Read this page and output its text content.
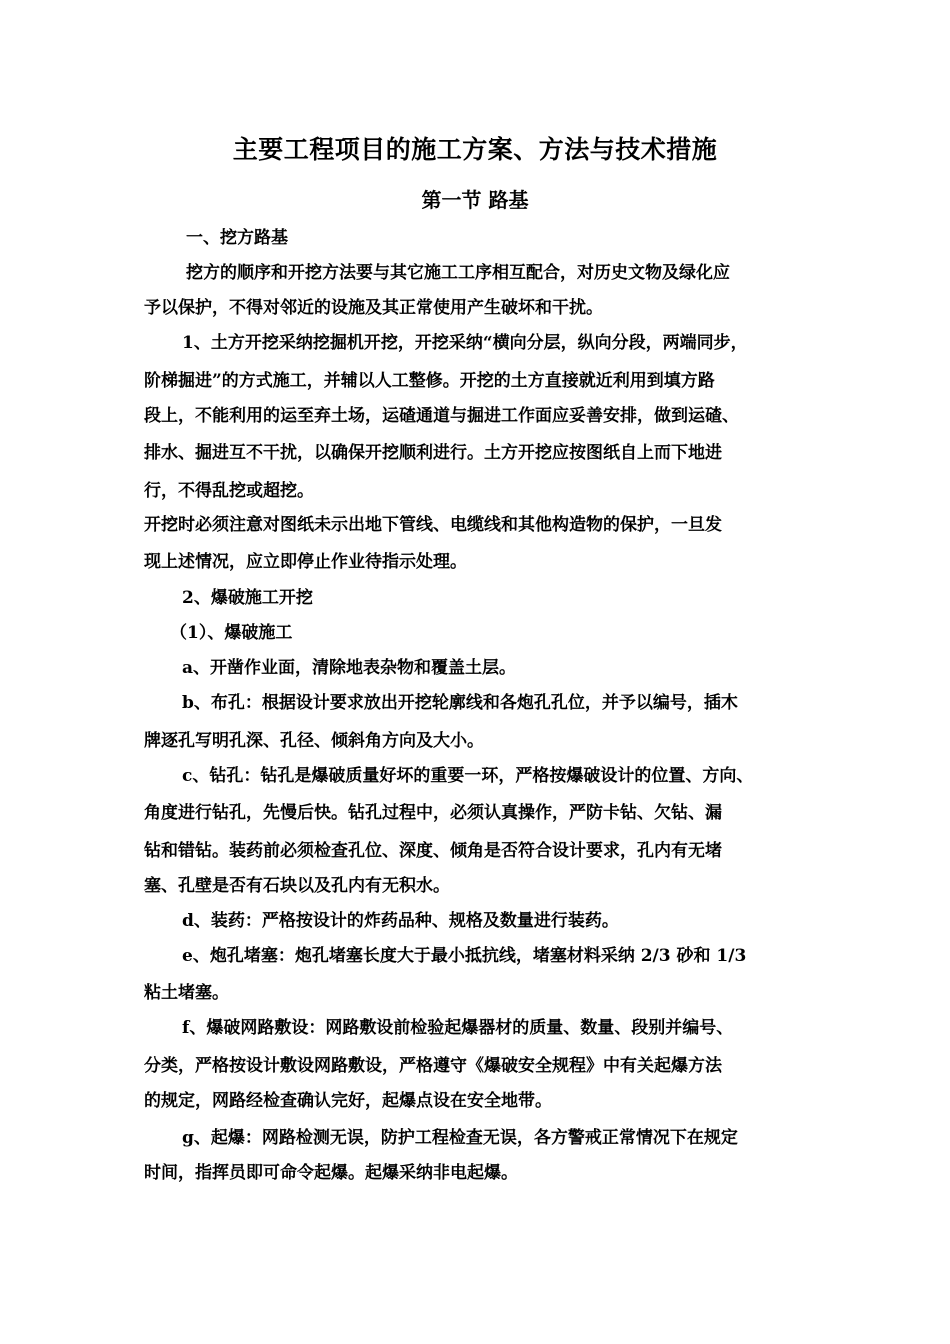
主要工程项目的施工方案、方法与技术措施
第一节 路基
一、挖方路基
挖方的顺序和开挖方法要与其它施工工序相互配合，对历史文物及绿化应
予以保护，不得对邻近的设施及其正常使用产生破坏和干扰。
1、土方开挖采纳挖掘机开挖，开挖采纳“横向分层，纵向分段，两端同步，
阶梯掘进”的方式施工，并辅以人工整修。开挖的土方直接就近利用到填方路
段上，不能利用的运至弃土场，运碴通道与掘进工作面应妥善安排，做到运碴、
排水、掘进互不干扰，以确保开挖顺利进行。土方开挖应按图纸自上而下地进
行，不得乱挖或超挖。
开挖时必须注意对图纸未示出地下管线、电缆线和其他构造物的保护，一旦发
现上述情况，应立即停止作业待指示处理。
2、爆破施工开挖
（1）、爆破施工
a、开凿作业面，清除地表杂物和覆盖土层。
b、布孔：根据设计要求放出开挖轮廓线和各炮孔孔位，并予以编号，插木
牌逐孔写明孔深、孔径、倾斜角方向及大小。
c、钻孔：钻孔是爆破质量好坏的重要一环，严格按爆破设计的位置、方向、
角度进行钻孔，先慢后快。钻孔过程中，必须认真操作，严防卡钻、欠钻、漏
钻和错钻。装药前必须检查孔位、深度、倾角是否符合设计要求，孔内有无堵
塞、孔壁是否有石块以及孔内有无积水。
d、装药：严格按设计的炸药品种、规格及数量进行装药。
e、炮孔堵塞：炮孔堵塞长度大于最小抵抗线，堵塞材料采纳 2/3 砂和 1/3
粘土堵塞。
f、爆破网路敷设：网路敷设前检验起爆器材的质量、数量、段别并编号、
分类，严格按设计敷设网路敷设，严格遵守《爆破安全规程》中有关起爆方法
的规定，网路经检查确认完好，起爆点设在安全地带。
g、起爆：网路检测无误，防护工程检查无误，各方警戒正常情况下在规定
时间，指挥员即可命令起爆。起爆采纳非电起爆。
